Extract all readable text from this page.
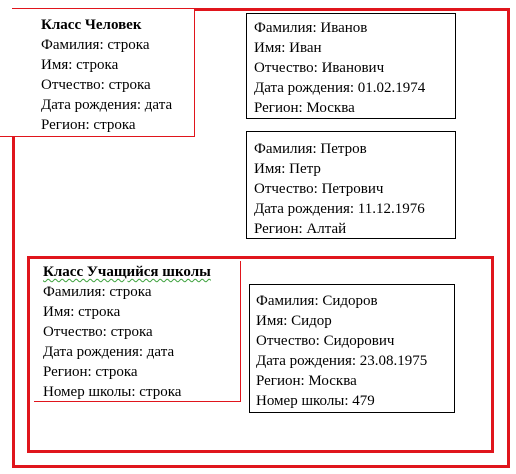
Класс Человек
Фамилия: строка
Имя: строка
Отчество: строка
Дата рождения: дата
Регион: строка
Фамилия: Иванов
Имя: Иван
Отчество: Иванович
Дата рождения: 01.02.1974
Регион: Москва
Фамилия: Петров
Имя: Петр
Отчество: Петрович
Дата рождения: 11.12.1976
Регион: Алтай
Класс Учащийся школы
Фамилия: строка
Имя: строка
Отчество: строка
Дата рождения: дата
Регион: строка
Номер школы: строка
Фамилия: Сидоров
Имя: Сидор
Отчество: Сидорович
Дата рождения: 23.08.1975
Регион: Москва
Номер школы: 479
